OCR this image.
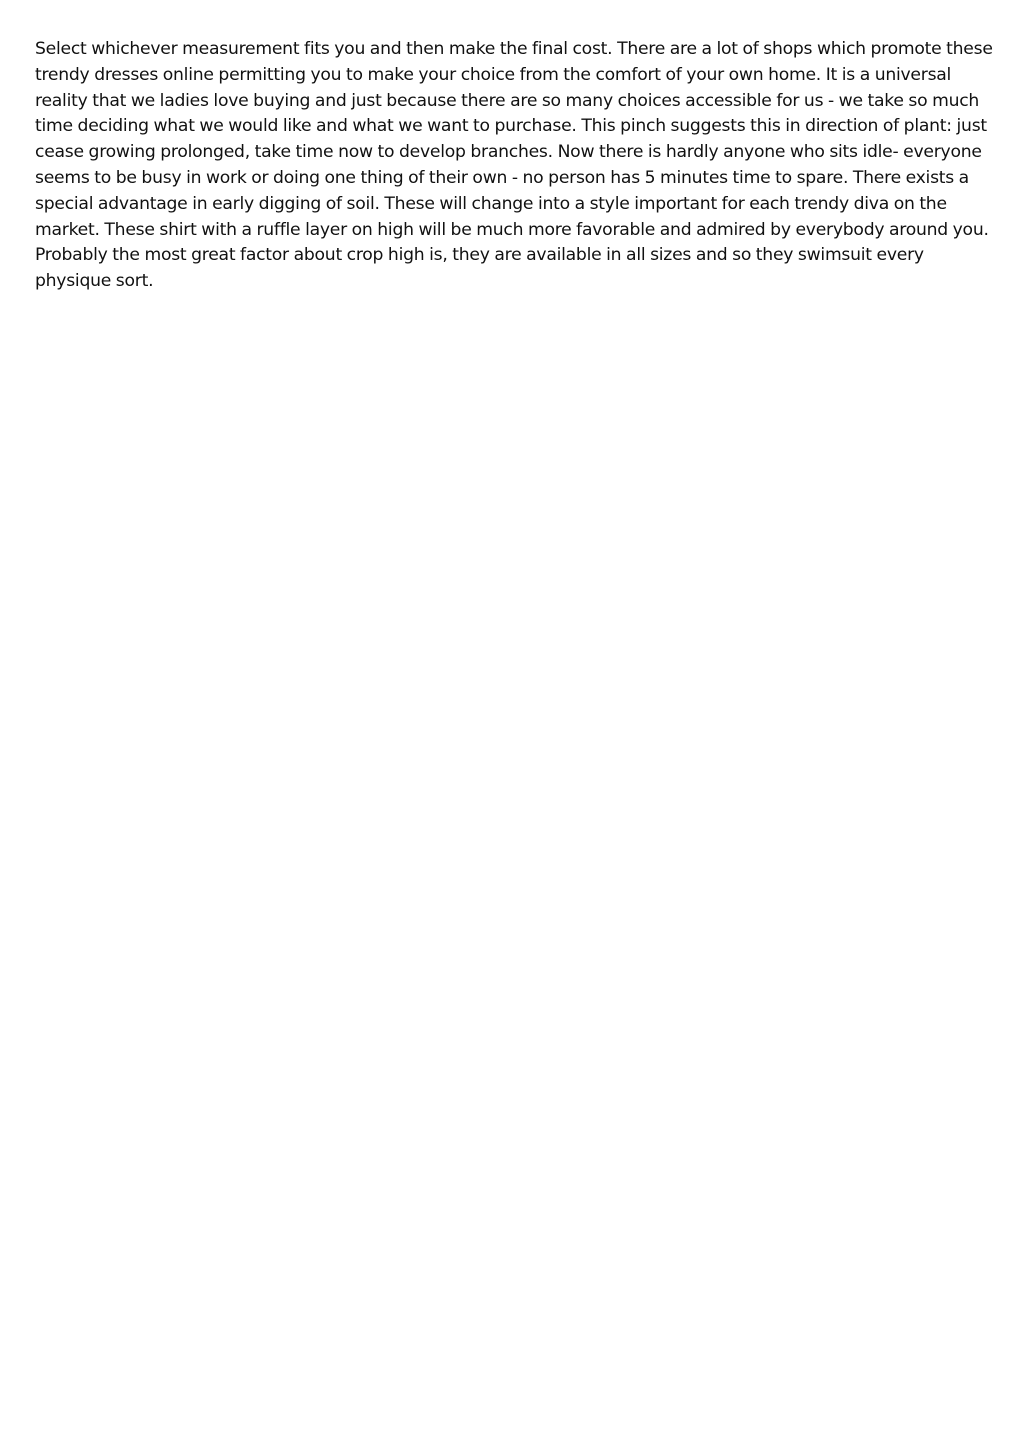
Select whichever measurement fits you and then make the final cost. There are a lot of shops which promote these trendy dresses online permitting you to make your choice from the comfort of your own home. It is a universal reality that we ladies love buying and just because there are so many choices accessible for us - we take so much time deciding what we would like and what we want to purchase. This pinch suggests this in direction of plant: just cease growing prolonged, take time now to develop branches. Now there is hardly anyone who sits idle- everyone seems to be busy in work or doing one thing of their own - no person has 5 minutes time to spare. There exists a special advantage in early digging of soil. These will change into a style important for each trendy diva on the market. These shirt with a ruffle layer on high will be much more favorable and admired by everybody around you. Probably the most great factor about crop high is, they are available in all sizes and so they swimsuit every physique sort.
